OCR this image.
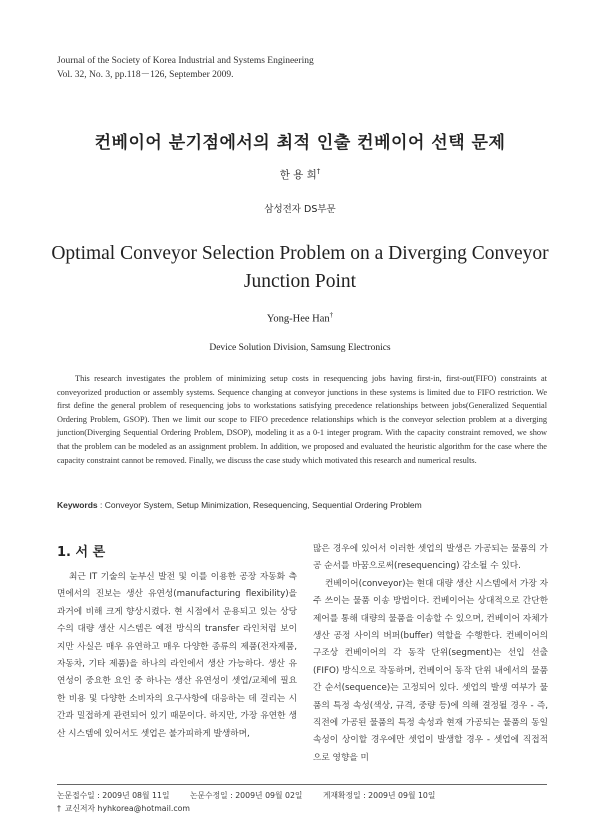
Journal of the Society of Korea Industrial and Systems Engineering
Vol. 32, No. 3, pp.118－126, September 2009.
컨베이어 분기점에서의 최적 인출 컨베이어 선택 문제
한 용 희†
삼성전자 DS부문
Optimal Conveyor Selection Problem on a Diverging Conveyor Junction Point
Yong-Hee Han†
Device Solution Division, Samsung Electronics
This research investigates the problem of minimizing setup costs in resequencing jobs having first-in, first-out(FIFO) constraints at conveyorized production or assembly systems. Sequence changing at conveyor junctions in these systems is limited due to FIFO restriction. We first define the general problem of resequencing jobs to workstations satisfying precedence relationships between jobs(Generalized Sequential Ordering Problem, GSOP). Then we limit our scope to FIFO precedence relationships which is the conveyor selection problem at a diverging junction(Diverging Sequential Ordering Problem, DSOP), modeling it as a 0-1 integer program. With the capacity constraint removed, we show that the problem can be modeled as an assignment problem. In addition, we proposed and evaluated the heuristic algorithm for the case where the capacity constraint cannot be removed. Finally, we discuss the case study which motivated this research and numerical results.
Keywords : Conveyor System, Setup Minimization, Resequencing, Sequential Ordering Problem
1. 서 론

최근 IT 기술의 눈부신 발전 및 이를 이용한 공장 자동화 측면에서의 진보는 생산 유연성(manufacturing flexibility)을 과거에 비해 크게 향상시켰다. 현 시점에서 운용되고 있는 상당수의 대량 생산 시스템은 예전 방식의 transfer 라인처럼 보이지만 사실은 매우 유연하고 매우 다양한 종류의 제품(전자제품, 자동차, 기타 제품)을 하나의 라인에서 생산 가능하다. 생산 유연성이 중요한 요인 중 하나는 생산 유연성이 셋업/교체에 필요한 비용 및 다양한 소비자의 요구사항에 대응하는 데 걸리는 시간과 밀접하게 관련되어 있기 때문이다. 하지만, 가장 유연한 생산 시스템에 있어서도 셋업은 불가피하게 발생하며,

많은 경우에 있어서 이러한 셋업의 발생은 가공되는 물품의 가공 순서를 바꿈으로써(resequencing) 감소될 수 있다.

컨베이어(conveyor)는 현대 대량 생산 시스템에서 가장 자주 쓰이는 물품 이송 방법이다. 컨베이어는 상대적으로 간단한 제어를 통해 대량의 물품을 이송할 수 있으며, 컨베이어 자체가 생산 공정 사이의 버퍼(buffer) 역할을 수행한다. 컨베이어의 구조상 컨베이어의 각 동작 단위(segment)는 선입 선출(FIFO) 방식으로 작동하며, 컨베이어 동작 단위 내에서의 물품간 순서(sequence)는 고정되어 있다. 셋업의 발생 여부가 물품의 특정 속성(색상, 규격, 중량 등)에 의해 결정될 경우 - 즉, 직전에 가공된 물품의 특정 속성과 현재 가공되는 물품의 동일 속성이 상이할 경우에만 셋업이 발생할 경우 - 셋업에 직접적으로 영향을 미

논문접수일 : 2009년 08월 11일	논문수정일 : 2009년 09월 02일	게재확정일 : 2009년 09월 10일
† 교신저자 hyhkorea@hotmail.com
